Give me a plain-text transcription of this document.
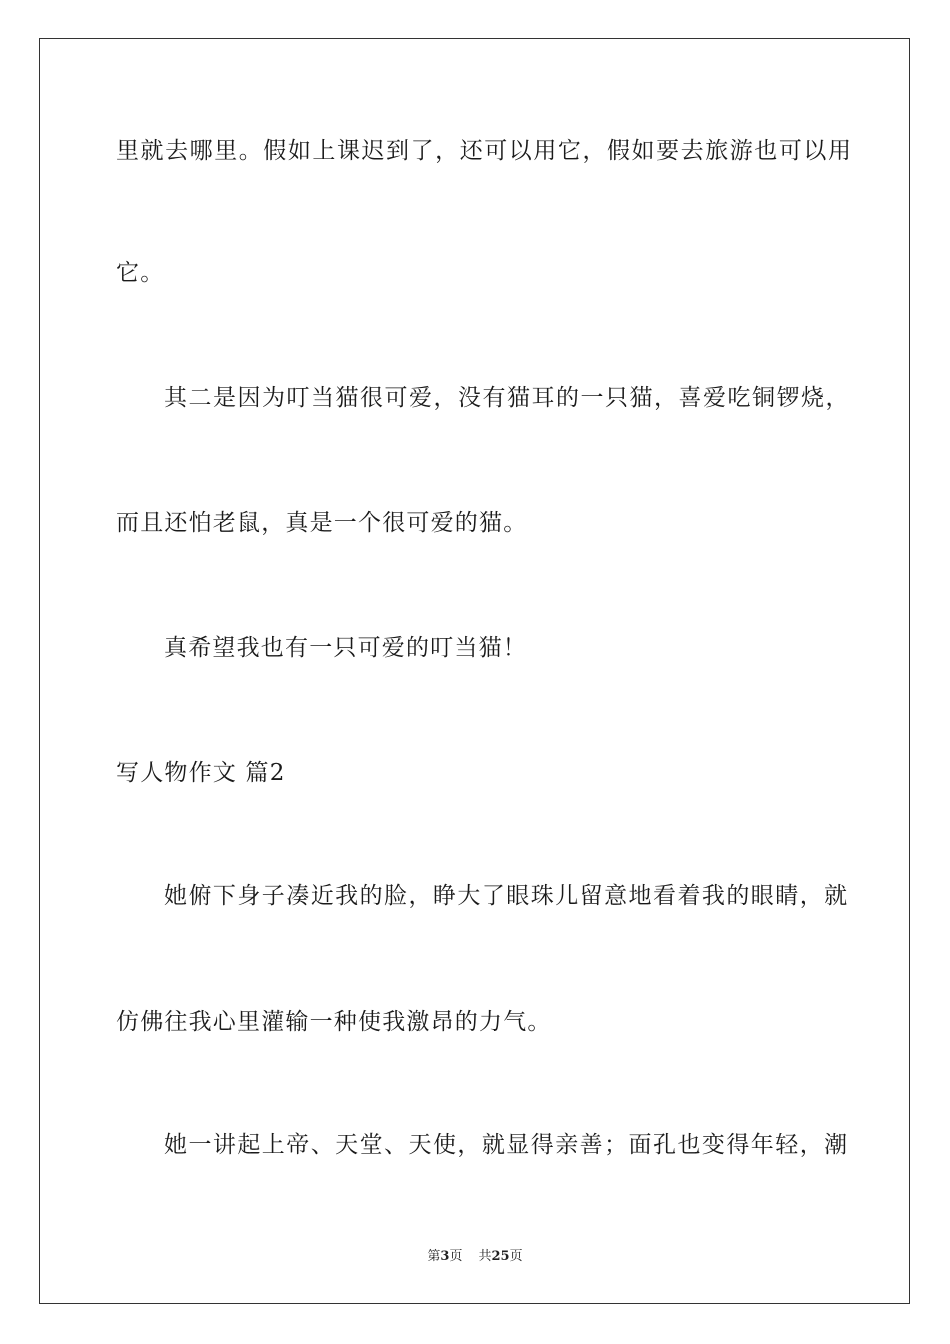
里就去哪里。假如上课迟到了，还可以用它，假如要去旅游也可以用
它。
其二是因为叮当猫很可爱，没有猫耳的一只猫，喜爱吃铜锣烧，
而且还怕老鼠，真是一个很可爱的猫。
真希望我也有一只可爱的叮当猫！
写人物作文 篇2
她俯下身子凑近我的脸，睁大了眼珠儿留意地看着我的眼睛，就
仿佛往我心里灌输一种使我激昂的力气。
她一讲起上帝、天堂、天使，就显得亲善；面孔也变得年轻，潮
第3页 共25页
